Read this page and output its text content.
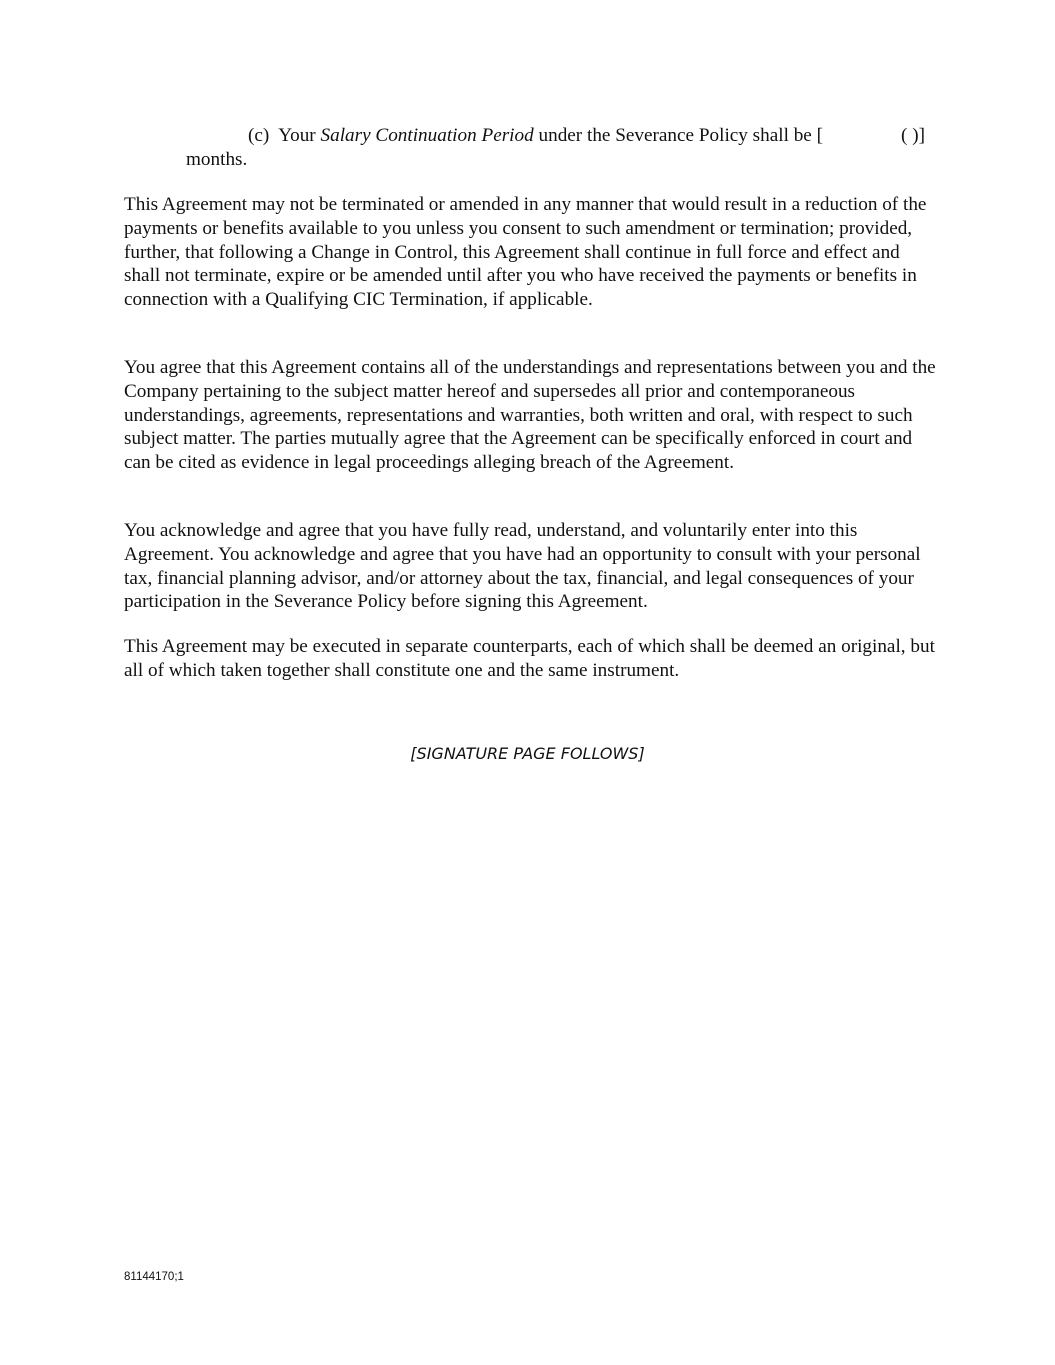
(c) Your Salary Continuation Period under the Severance Policy shall be [	( )]
months.

This Agreement may not be terminated or amended in any manner that would result in a reduction of the payments or benefits available to you unless you consent to such amendment or termination; provided, further, that following a Change in Control, this Agreement shall continue in full force and effect and shall not terminate, expire or be amended until after you who have received the payments or benefits in connection with a Qualifying CIC Termination, if applicable.

You agree that this Agreement contains all of the understandings and representations between you and the Company pertaining to the subject matter hereof and supersedes all prior and contemporaneous understandings, agreements, representations and warranties, both written and oral, with respect to such subject matter. The parties mutually agree that the Agreement can be specifically enforced in court and can be cited as evidence in legal proceedings alleging breach of the Agreement.

You acknowledge and agree that you have fully read, understand, and voluntarily enter into this Agreement. You acknowledge and agree that you have had an opportunity to consult with your personal tax, financial planning advisor, and/or attorney about the tax, financial, and legal consequences of your participation in the Severance Policy before signing this Agreement.

This Agreement may be executed in separate counterparts, each of which shall be deemed an original, but all of which taken together shall constitute one and the same instrument.

[SIGNATURE PAGE FOLLOWS]
81144170;1
